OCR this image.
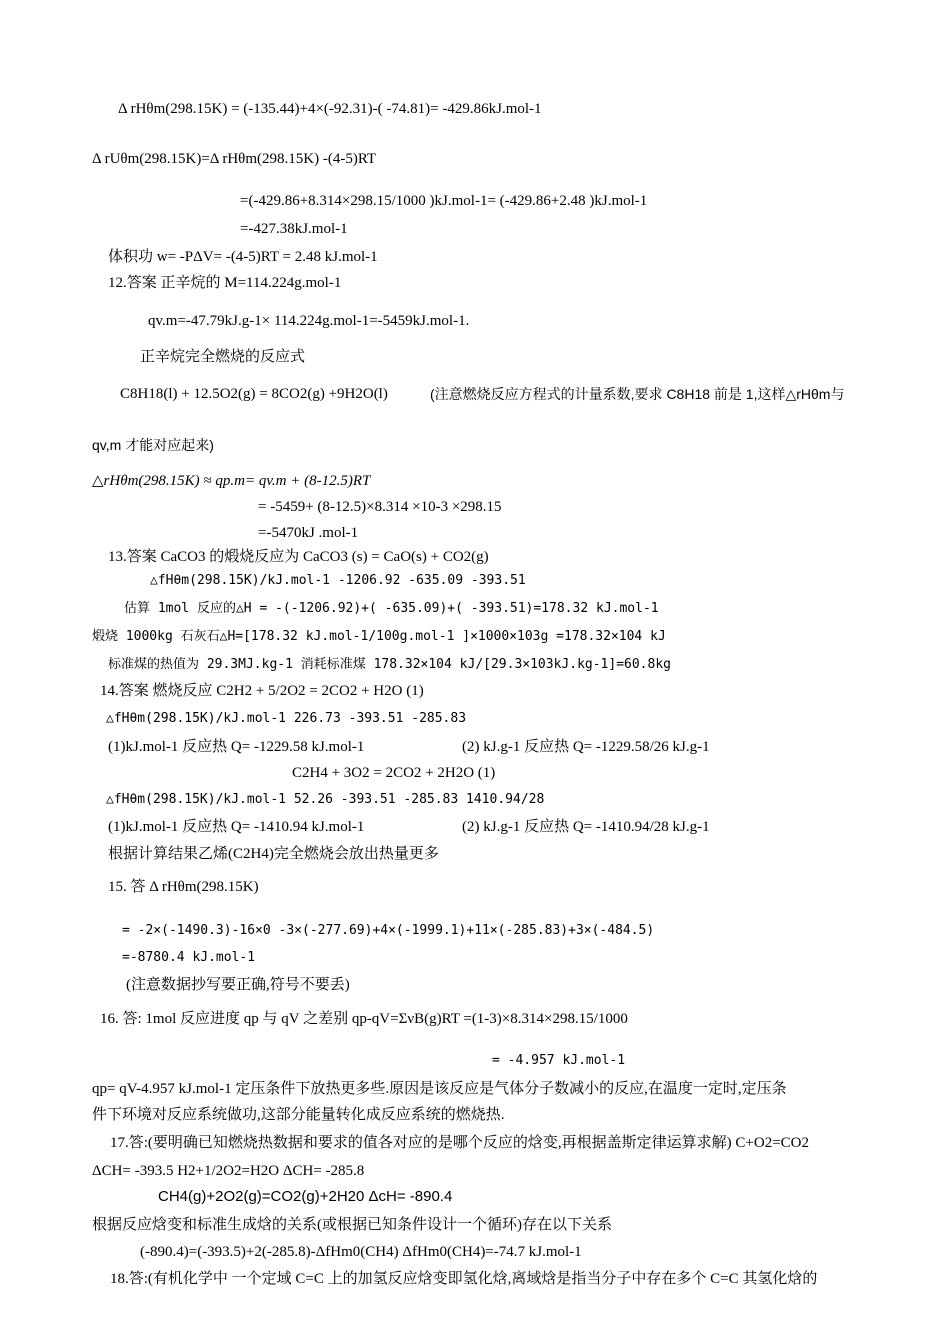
Δ rHθm(298.15K) = (-135.44)+4×(-92.31)-( -74.81)= -429.86kJ.mol-1
Δ rUθm(298.15K)=Δ rHθm(298.15K) -(4-5)RT
=(-429.86+8.314×298.15/1000 )kJ.mol-1= (-429.86+2.48 )kJ.mol-1
=-427.38kJ.mol-1
体积功 w= -PΔV= -(4-5)RT = 2.48 kJ.mol-1
12.答案 正辛烷的 M=114.224g.mol-1
qv.m=-47.79kJ.g-1× 114.224g.mol-1=-5459kJ.mol-1.
正辛烷完全燃烧的反应式
C8H18(l) + 12.5O2(g) = 8CO2(g) +9H2O(l)	(注意燃烧反应方程式的计量系数,要求 C8H18 前是 1,这样△rHθm与
qv,m 才能对应起来)
△rHθm(298.15K) ≈ qp.m= qv.m + (8-12.5)RT
= -5459+ (8-12.5)×8.314 ×10-3 ×298.15
=-5470kJ .mol-1
13.答案 CaCO3 的煅烧反应为 CaCO3 (s) = CaO(s) + CO2(g)
△fHθm(298.15K)/kJ.mol-1 -1206.92 -635.09 -393.51
估算 1mol 反应的△H = -(-1206.92)+( -635.09)+( -393.51)=178.32 kJ.mol-1
煅烧 1000kg 石灰石△H=[178.32 kJ.mol-1/100g.mol-1 ]×1000×103g =178.32×104 kJ
标准煤的热值为 29.3MJ.kg-1 消耗标准煤 178.32×104 kJ/[29.3×103kJ.kg-1]=60.8kg
14.答案 燃烧反应 C2H2 + 5/2O2 = 2CO2 + H2O (1)
△fHθm(298.15K)/kJ.mol-1 226.73 -393.51 -285.83
(1)kJ.mol-1 反应热 Q= -1229.58 kJ.mol-1	(2) kJ.g-1 反应热 Q= -1229.58/26 kJ.g-1
C2H4 + 3O2 = 2CO2 + 2H2O (1)
△fHθm(298.15K)/kJ.mol-1 52.26 -393.51 -285.83 1410.94/28
(1)kJ.mol-1 反应热 Q= -1410.94 kJ.mol-1	(2) kJ.g-1 反应热 Q= -1410.94/28 kJ.g-1
根据计算结果乙烯(C2H4)完全燃烧会放出热量更多
15. 答 Δ rHθm(298.15K)
= -2×(-1490.3)-16×0 -3×(-277.69)+4×(-1999.1)+11×(-285.83)+3×(-484.5)
=-8780.4 kJ.mol-1
(注意数据抄写要正确,符号不要丢)
16. 答: 1mol 反应进度 qp 与 qV 之差别 qp-qV=ΣνB(g)RT =(1-3)×8.314×298.15/1000
= -4.957 kJ.mol-1
qp= qV-4.957 kJ.mol-1 定压条件下放热更多些.原因是该反应是气体分子数减小的反应,在温度一定时,定压条
件下环境对反应系统做功,这部分能量转化成反应系统的燃烧热.
17.答:(要明确已知燃烧热数据和要求的值各对应的是哪个反应的焓变,再根据盖斯定律运算求解) C+O2=CO2
ΔCH= -393.5 H2+1/2O2=H2O ΔCH= -285.8
CH4(g)+2O2(g)=CO2(g)+2H20 ΔcH= -890.4
根据反应焓变和标准生成焓的关系(或根据已知条件设计一个循环)存在以下关系
(-890.4)=(-393.5)+2(-285.8)-ΔfHm0(CH4) ΔfHm0(CH4)=-74.7 kJ.mol-1
18.答:(有机化学中 一个定域 C=C 上的加氢反应焓变即氢化焓,离域焓是指当分子中存在多个 C=C 其氢化焓的
